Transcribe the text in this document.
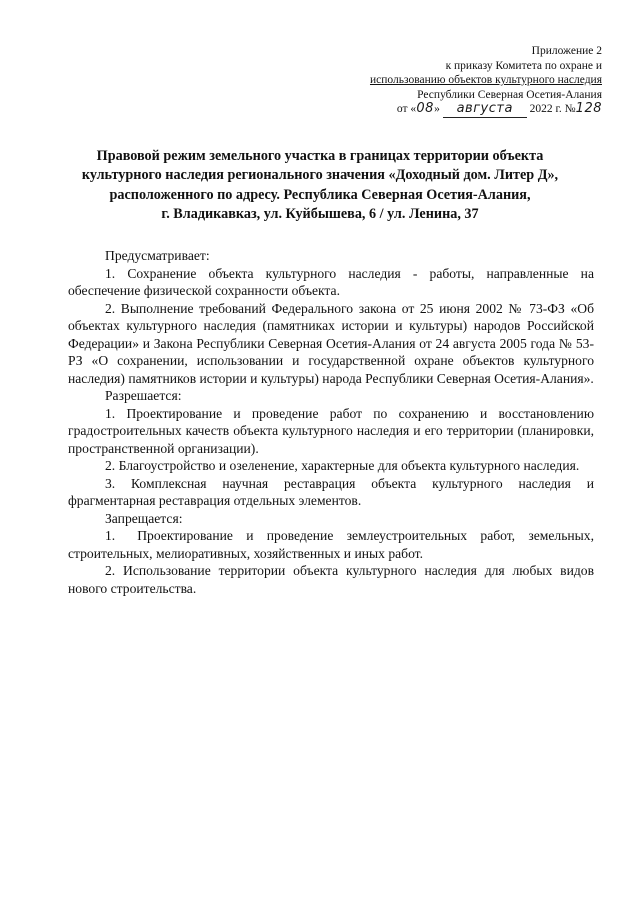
Приложение 2
к приказу Комитета по охране и
использованию объектов культурного наследия
Республики Северная Осетия-Алания
от «08» августа 2022 г. №128
Правовой режим земельного участка в границах территории объекта
культурного наследия регионального значения «Доходный дом. Литер Д»,
расположенного по адресу. Республика Северная Осетия-Алания,
г. Владикавказ, ул. Куйбышева, 6 / ул. Ленина, 37

Предусматривает:

1. Сохранение объекта культурного наследия - работы, направленные на обеспечение физической сохранности объекта.

2. Выполнение требований Федерального закона от 25 июня 2002 № 73-ФЗ «Об объектах культурного наследия (памятниках истории и культуры) народов Российской Федерации» и Закона Республики Северная Осетия-Алания от 24 августа 2005 года № 53-РЗ «О сохранении, использовании и государственной охране объектов культурного наследия) памятников истории и культуры) народа Республики Северная Осетия-Алания».

Разрешается:

1. Проектирование и проведение работ по сохранению и восстановлению градостроительных качеств объекта культурного наследия и его территории (планировки, пространственной организации).

2. Благоустройство и озеленение, характерные для объекта культурного наследия.

3. Комплексная научная реставрация объекта культурного наследия и фрагментарная реставрация отдельных элементов.

Запрещается:

1. Проектирование и проведение землеустроительных работ, земельных, строительных, мелиоративных, хозяйственных и иных работ.

2. Использование территории объекта культурного наследия для любых видов нового строительства.
